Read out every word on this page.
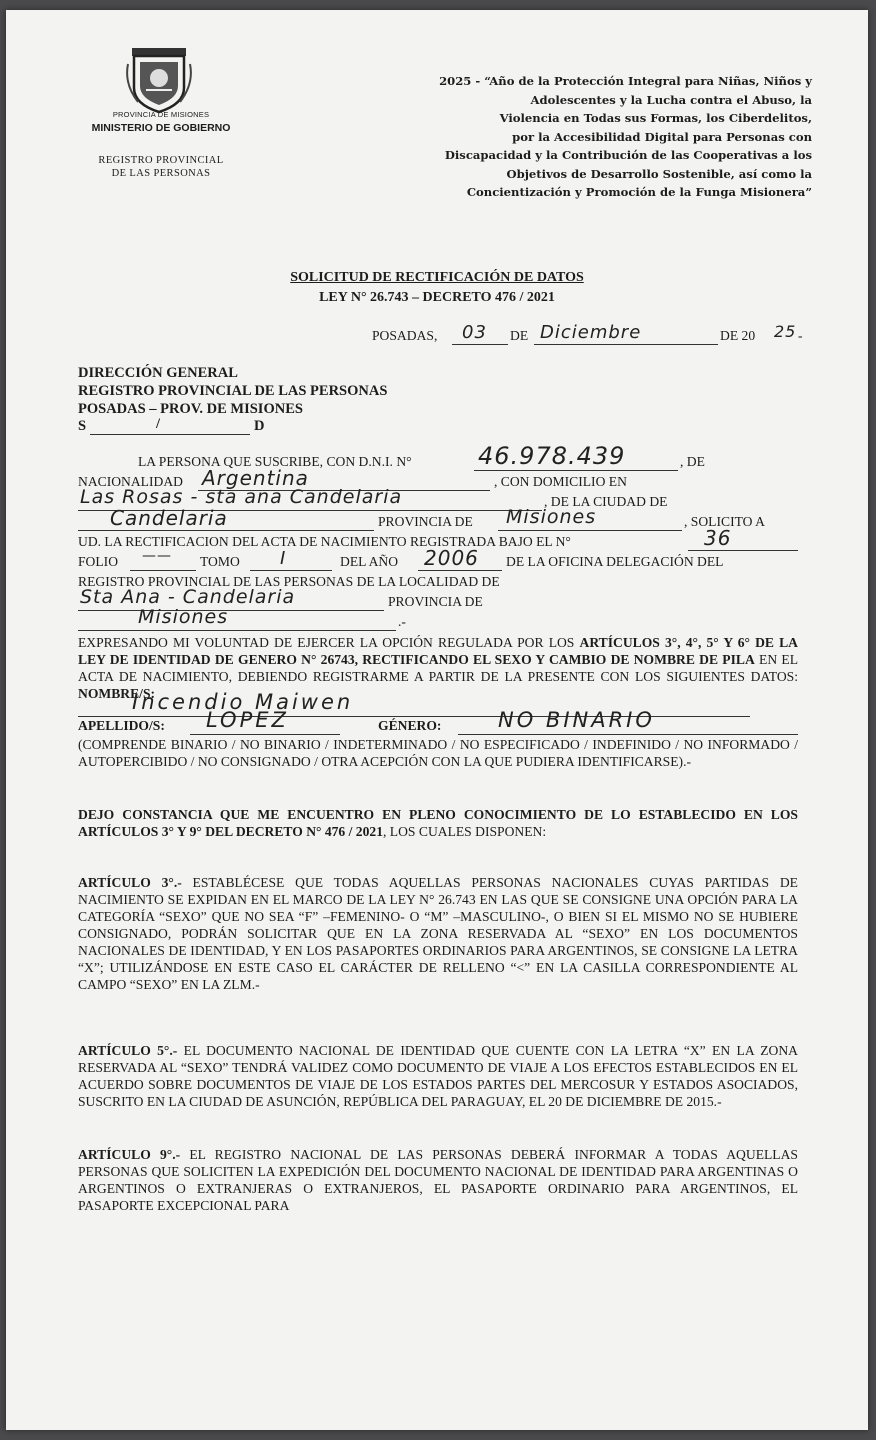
PROVINCIA DE MISIONES
MINISTERIO DE GOBIERNO
REGISTRO PROVINCIAL
DE LAS PERSONAS
2025 - “Año de la Protección Integral para Niñas, Niños y
Adolescentes y la Lucha contra el Abuso, la
Violencia en Todas sus Formas, los Ciberdelitos,
por la Accesibilidad Digital para Personas con
Discapacidad y la Contribución de las Cooperativas a los
Objetivos de Desarrollo Sostenible, así como la
Concientización y Promoción de la Funga Misionera”
SOLICITUD DE RECTIFICACIÓN DE DATOS
LEY N° 26.743 – DECRETO 476 / 2021
POSADAS, 03 DE Diciembre	DE 20 25 -
DIRECCIÓN GENERAL
REGISTRO PROVINCIAL DE LAS PERSONAS
POSADAS – PROV. DE MISIONES
S	/	D
LA PERSONA QUE SUSCRIBE, CON D.N.I. N°	46.978.439	, DE
NACIONALIDAD Argentina	, CON DOMICILIO EN
Las Rosas - sta ana Candelaria	, DE LA CIUDAD DE
Candelaria	PROVINCIA DE Misiones	, SOLICITO A
UD. LA RECTIFICACION DEL ACTA DE NACIMIENTO REGISTRADA BAJO EL N°	36
FOLIO —— TOMO I	DEL AÑO 2006 DE LA OFICINA DELEGACIÓN DEL
REGISTRO PROVINCIAL DE LAS PERSONAS DE LA LOCALIDAD DE
Sta Ana - Candelaria	PROVINCIA DE
Misiones	.-
EXPRESANDO MI VOLUNTAD DE EJERCER LA OPCIÓN REGULADA POR LOS ARTÍCULOS 3°, 4°, 5° Y 6° DE LA LEY DE IDENTIDAD DE GENERO N° 26743, RECTIFICANDO EL SEXO Y CAMBIO DE NOMBRE DE PILA EN EL ACTA DE NACIMIENTO, DEBIENDO REGISTRARME A PARTIR DE LA PRESENTE CON LOS SIGUIENTES DATOS: NOMBRE/S:
Incendio Maiwen
APELLIDO/S: LOPEZ	GÉNERO:	NO BINARIO
(COMPRENDE BINARIO / NO BINARIO / INDETERMINADO / NO ESPECIFICADO / INDEFINIDO / NO INFORMADO / AUTOPERCIBIDO / NO CONSIGNADO / OTRA ACEPCIÓN CON LA QUE PUDIERA IDENTIFICARSE).-
DEJO CONSTANCIA QUE ME ENCUENTRO EN PLENO CONOCIMIENTO DE LO ESTABLECIDO EN LOS ARTÍCULOS 3° Y 9° DEL DECRETO N° 476 / 2021, LOS CUALES DISPONEN:
ARTÍCULO 3°.- ESTABLÉCESE QUE TODAS AQUELLAS PERSONAS NACIONALES CUYAS PARTIDAS DE NACIMIENTO SE EXPIDAN EN EL MARCO DE LA LEY N° 26.743 EN LAS QUE SE CONSIGNE UNA OPCIÓN PARA LA CATEGORÍA “SEXO” QUE NO SEA “F” –FEMENINO- O “M” –MASCULINO-, O BIEN SI EL MISMO NO SE HUBIERE CONSIGNADO, PODRÁN SOLICITAR QUE EN LA ZONA RESERVADA AL “SEXO” EN LOS DOCUMENTOS NACIONALES DE IDENTIDAD, Y EN LOS PASAPORTES ORDINARIOS PARA ARGENTINOS, SE CONSIGNE LA LETRA “X”; UTILIZÁNDOSE EN ESTE CASO EL CARÁCTER DE RELLENO “<” EN LA CASILLA CORRESPONDIENTE AL CAMPO “SEXO” EN LA ZLM.-
ARTÍCULO 5°.- EL DOCUMENTO NACIONAL DE IDENTIDAD QUE CUENTE CON LA LETRA “X” EN LA ZONA RESERVADA AL “SEXO” TENDRÁ VALIDEZ COMO DOCUMENTO DE VIAJE A LOS EFECTOS ESTABLECIDOS EN EL ACUERDO SOBRE DOCUMENTOS DE VIAJE DE LOS ESTADOS PARTES DEL MERCOSUR Y ESTADOS ASOCIADOS, SUSCRITO EN LA CIUDAD DE ASUNCIÓN, REPÚBLICA DEL PARAGUAY, EL 20 DE DICIEMBRE DE 2015.-
ARTÍCULO 9°.- EL REGISTRO NACIONAL DE LAS PERSONAS DEBERÁ INFORMAR A TODAS AQUELLAS PERSONAS QUE SOLICITEN LA EXPEDICIÓN DEL DOCUMENTO NACIONAL DE IDENTIDAD PARA ARGENTINAS O ARGENTINOS O EXTRANJERAS O EXTRANJEROS, EL PASAPORTE ORDINARIO PARA ARGENTINOS, EL PASAPORTE EXCEPCIONAL PARA
